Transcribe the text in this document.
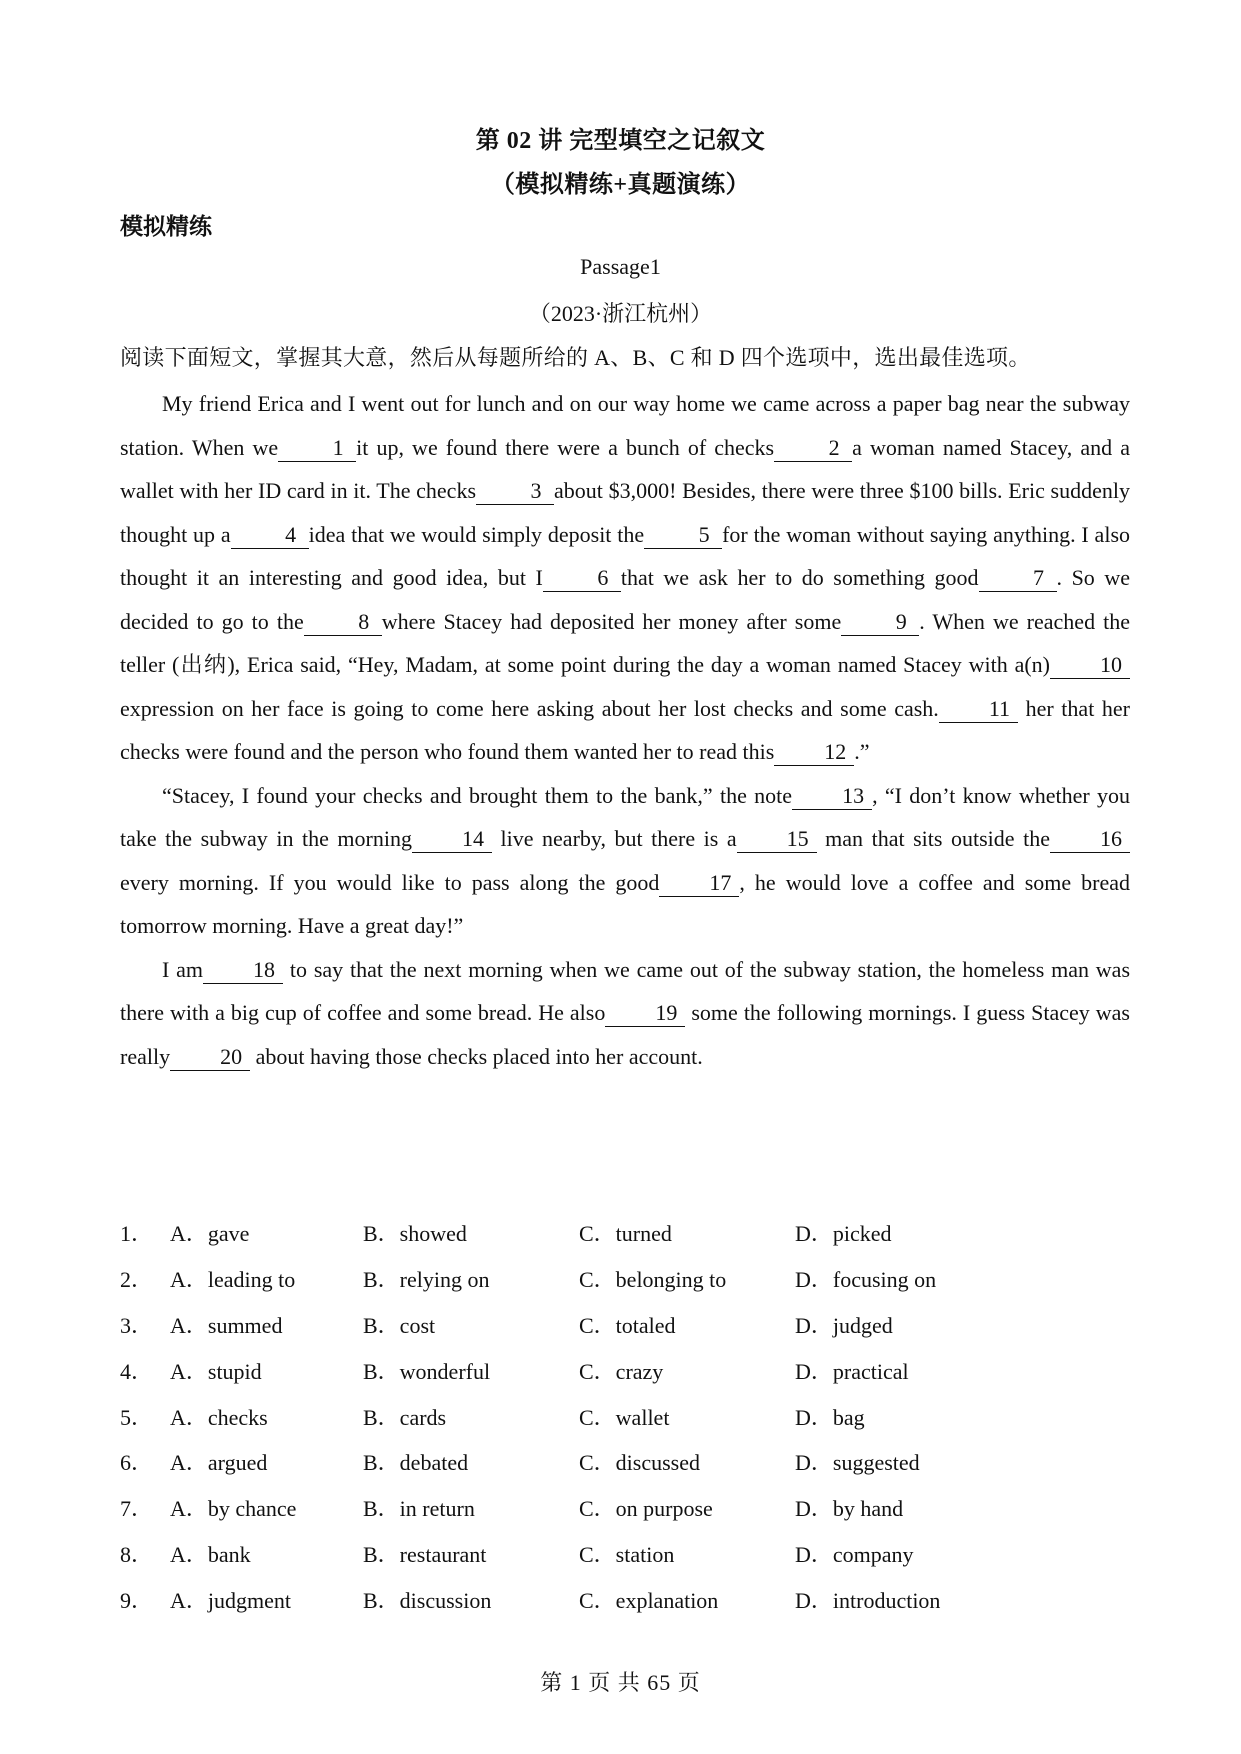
第 02 讲 完型填空之记叙文
（模拟精练+真题演练）
模拟精练
Passage1
（2023·浙江杭州）
阅读下面短文，掌握其大意，然后从每题所给的 A、B、C 和 D 四个选项中，选出最佳选项。

My friend Erica and I went out for lunch and on our way home we came across a paper bag near the subway station. When we 1 it up, we found there were a bunch of checks 2 a woman named Stacey, and a wallet with her ID card in it. The checks 3 about $3,000! Besides, there were three $100 bills. Eric suddenly thought up a 4 idea that we would simply deposit the 5 for the woman without saying anything. I also thought it an interesting and good idea, but I 6 that we ask her to do something good 7 . So we decided to go to the 8 where Stacey had deposited her money after some 9 . When we reached the teller (出纳), Erica said, “Hey, Madam, at some point during the day a woman named Stacey with a(n) 10 expression on her face is going to come here asking about her lost checks and some cash. 11 her that her checks were found and the person who found them wanted her to read this 12 .”

“Stacey, I found your checks and brought them to the bank,” the note 13 , “I don’t know whether you take the subway in the morning 14 live nearby, but there is a 15 man that sits outside the 16 every morning. If you would like to pass along the good 17 , he would love a coffee and some bread tomorrow morning. Have a great day!”

I am 18 to say that the next morning when we came out of the subway station, the homeless man was there with a big cup of coffee and some bread. He also 19 some the following mornings. I guess Stacey was really 20 about having those checks placed into her account.

1． A．gave	B．showed	C．turned	D．picked
2． A．leading to	B．relying on	C．belonging to	D．focusing on
3． A．summed	B．cost	C．totaled	D．judged
4． A．stupid	B．wonderful	C．crazy	D．practical
5． A．checks	B．cards	C．wallet	D．bag
6． A．argued	B．debated	C．discussed	D．suggested
7． A．by chance	B．in return	C．on purpose	D．by hand
8． A．bank	B．restaurant	C．station	D．company
9． A．judgment	B．discussion	C．explanation	D．introduction
第 1 页 共 65 页
